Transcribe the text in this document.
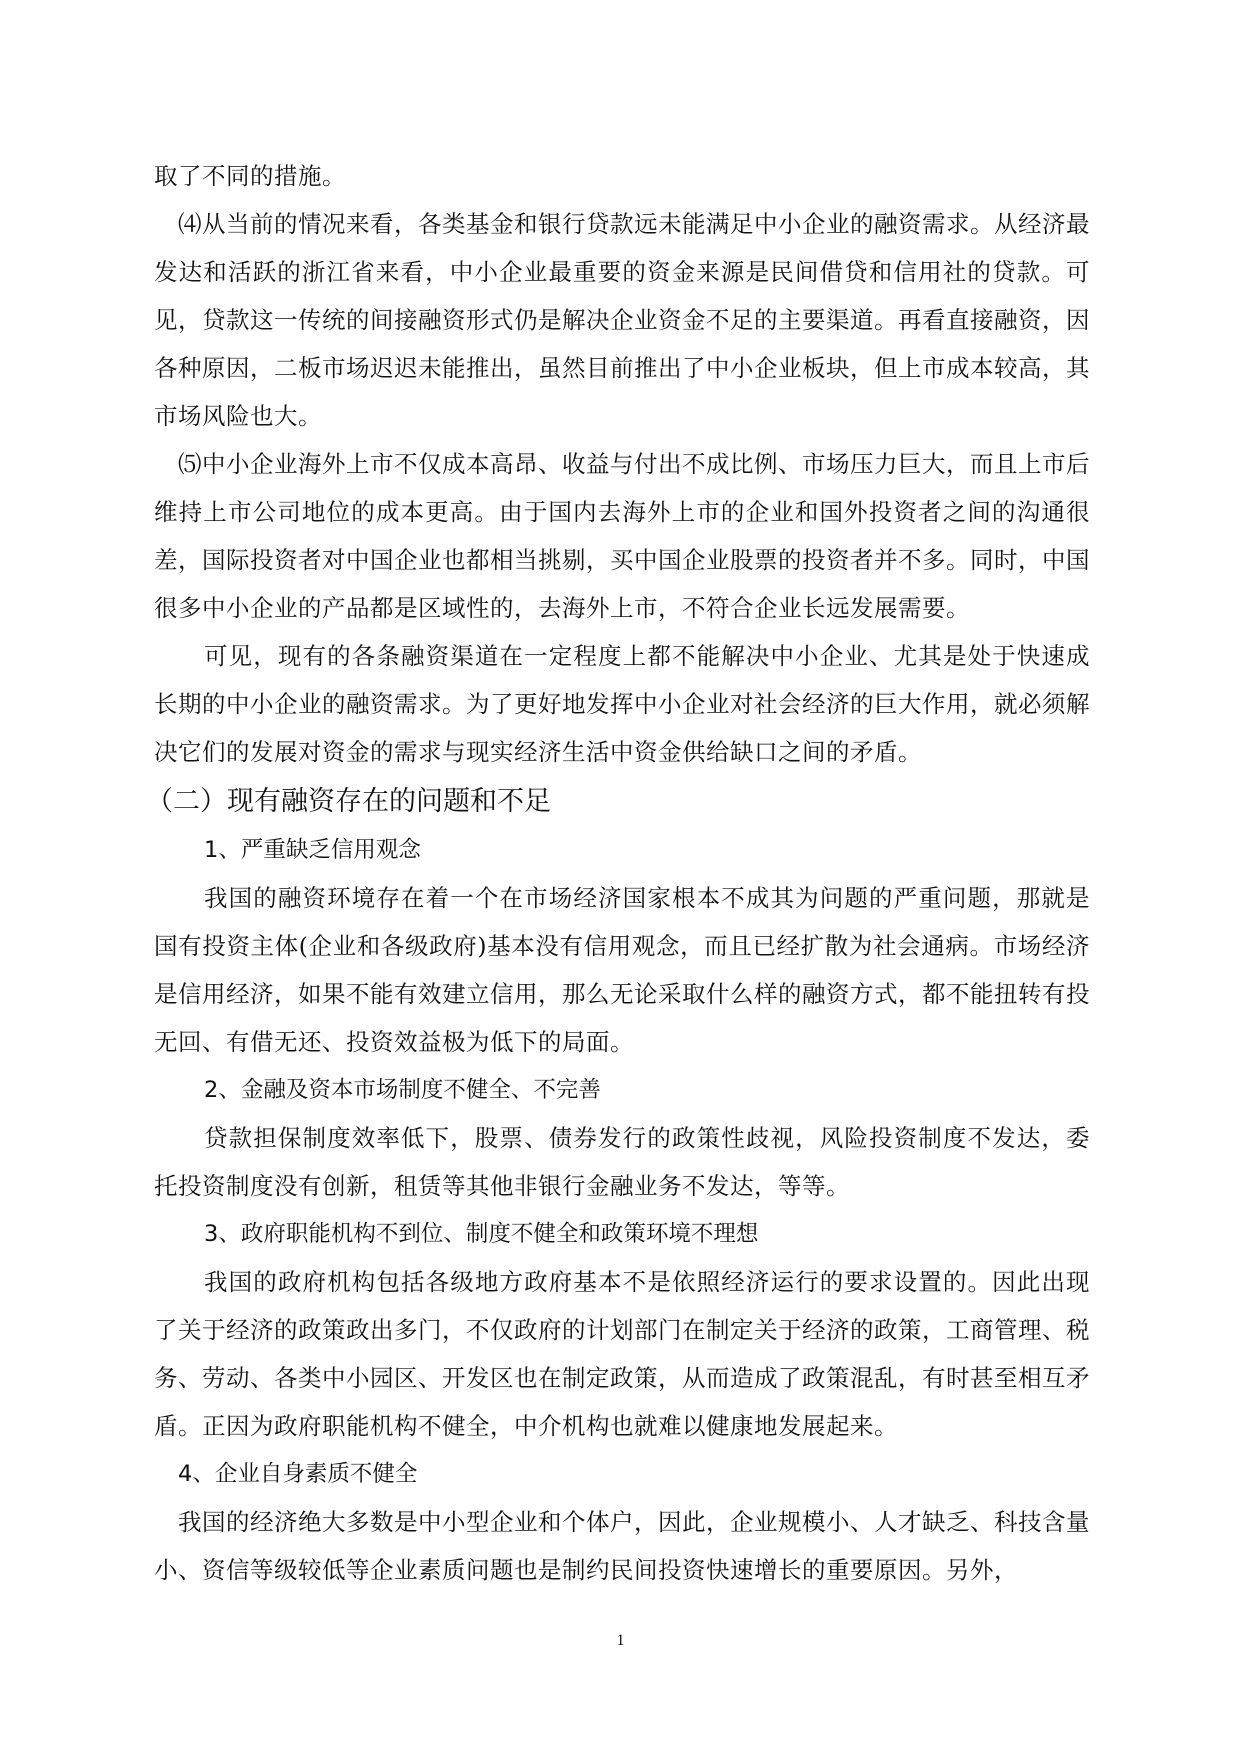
取了不同的措施。

⑷从当前的情况来看，各类基金和银行贷款远未能满足中小企业的融资需求。从经济最发达和活跃的浙江省来看，中小企业最重要的资金来源是民间借贷和信用社的贷款。可见，贷款这一传统的间接融资形式仍是解决企业资金不足的主要渠道。再看直接融资，因各种原因，二板市场迟迟未能推出，虽然目前推出了中小企业板块，但上市成本较高，其市场风险也大。

⑸中小企业海外上市不仅成本高昂、收益与付出不成比例、市场压力巨大，而且上市后维持上市公司地位的成本更高。由于国内去海外上市的企业和国外投资者之间的沟通很差，国际投资者对中国企业也都相当挑剔，买中国企业股票的投资者并不多。同时，中国很多中小企业的产品都是区域性的，去海外上市，不符合企业长远发展需要。

可见，现有的各条融资渠道在一定程度上都不能解决中小企业、尤其是处于快速成长期的中小企业的融资需求。为了更好地发挥中小企业对社会经济的巨大作用，就必须解决它们的发展对资金的需求与现实经济生活中资金供给缺口之间的矛盾。

（二）现有融资存在的问题和不足
1、严重缺乏信用观念

我国的融资环境存在着一个在市场经济国家根本不成其为问题的严重问题，那就是国有投资主体(企业和各级政府)基本没有信用观念，而且已经扩散为社会通病。市场经济是信用经济，如果不能有效建立信用，那么无论采取什么样的融资方式，都不能扭转有投无回、有借无还、投资效益极为低下的局面。

2、金融及资本市场制度不健全、不完善

贷款担保制度效率低下，股票、债券发行的政策性歧视，风险投资制度不发达，委托投资制度没有创新，租赁等其他非银行金融业务不发达，等等。

3、政府职能机构不到位、制度不健全和政策环境不理想

我国的政府机构包括各级地方政府基本不是依照经济运行的要求设置的。因此出现了关于经济的政策政出多门，不仅政府的计划部门在制定关于经济的政策，工商管理、税务、劳动、各类中小园区、开发区也在制定政策，从而造成了政策混乱，有时甚至相互矛盾。正因为政府职能机构不健全，中介机构也就难以健康地发展起来。

4、企业自身素质不健全

我国的经济绝大多数是中小型企业和个体户，因此，企业规模小、人才缺乏、科技含量小、资信等级较低等企业素质问题也是制约民间投资快速增长的重要原因。另外，

1
